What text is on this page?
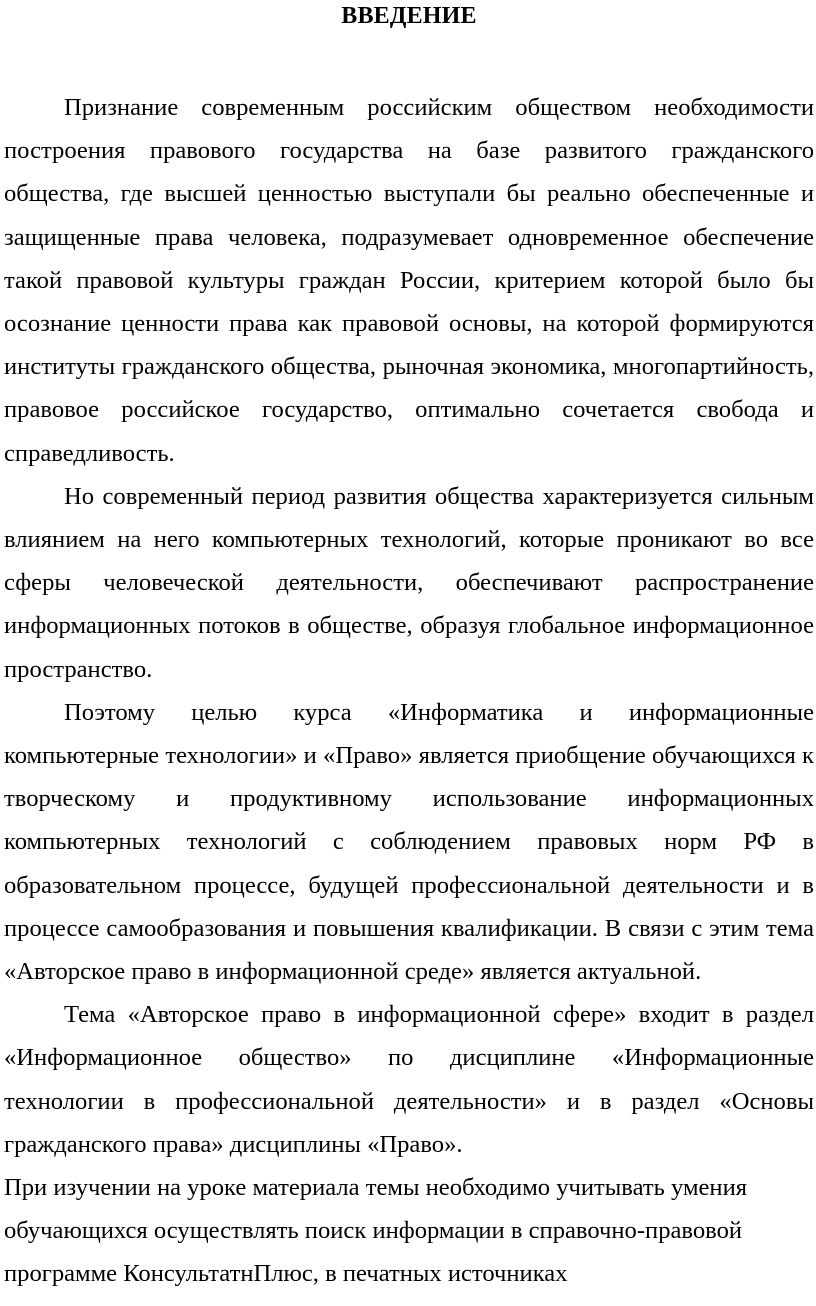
ВВЕДЕНИЕ

Признание современным российским обществом необходимости построения правового государства на базе развитого гражданского общества, где высшей ценностью выступали бы реально обеспеченные и защищенные права человека, подразумевает одновременное обеспечение такой правовой культуры граждан России, критерием которой было бы осознание ценности права как правовой основы, на которой формируются институты гражданского общества, рыночная экономика, многопартийность, правовое российское государство, оптимально сочетается свобода и справедливость.

Но современный период развития общества характеризуется сильным влиянием на него компьютерных технологий, которые проникают во все сферы человеческой деятельности, обеспечивают распространение информационных потоков в обществе, образуя глобальное информационное пространство.

Поэтому целью курса «Информатика и информационные компьютерные технологии» и «Право» является приобщение обучающихся к творческому и продуктивному использование информационных компьютерных технологий с соблюдением правовых норм РФ в образовательном процессе, будущей профессиональной деятельности и в процессе самообразования и повышения квалификации. В связи с этим тема «Авторское право в информационной среде» является актуальной.

Тема «Авторское право в информационной сфере» входит в раздел «Информационное общество» по дисциплине «Информационные технологии в профессиональной деятельности» и в раздел «Основы гражданского права» дисциплины «Право».

При изучении на уроке материала темы необходимо учитывать умения обучающихся осуществлять поиск информации в справочно-правовой программе КонсультатнПлюс, в печатных источниках
